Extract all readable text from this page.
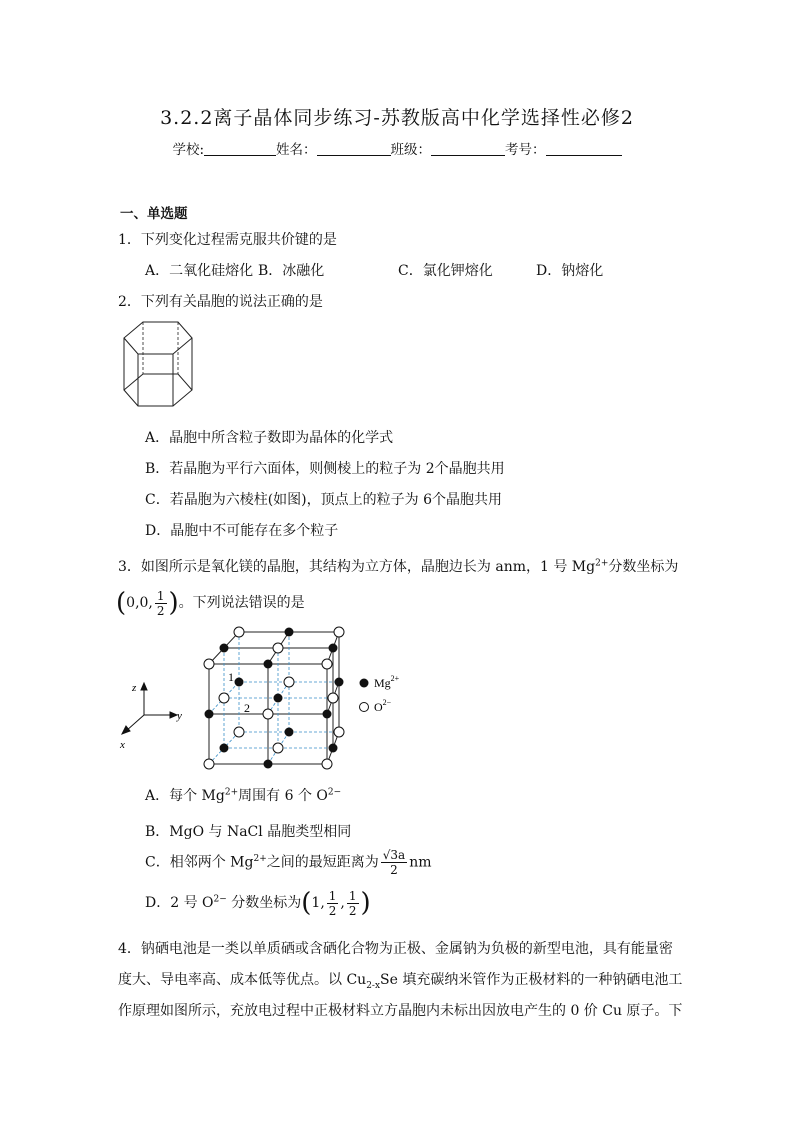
3.2.2离子晶体同步练习-苏教版高中化学选择性必修2
学校:	姓名：	班级：	考号：
一、单选题
1．下列变化过程需克服共价键的是
A．二氧化硅熔化 B．冰融化	C．氯化钾熔化	D．钠熔化
2．下列有关晶胞的说法正确的是
A．晶胞中所含粒子数即为晶体的化学式
B．若晶胞为平行六面体，则侧棱上的粒子为 2个晶胞共用
C．若晶胞为六棱柱(如图)，顶点上的粒子为 6个晶胞共用
D．晶胞中不可能存在多个粒子
3．如图所示是氧化镁的晶胞，其结构为立方体，晶胞边长为 anm，1 号 $Mg^{2+}$分数坐标为
(0,0, $\frac{1}{2}$ )。下列说法错误的是
z
y
x
1
2
$Mg^{2+}$
$O^{2-}$
A．每个 $Mg^{2+}$周围有 6 个 $O^{2-}$
B．MgO 与 NaCl 晶胞类型相同
C．相邻两个 $Mg^{2+}$之间的最短距离为 $\frac{√3a}{2}$ nm
D．2 号 $O^{2-}$ 分数坐标为(1, $\frac{1}{2}$ , $\frac{1}{2}$ )
4．钠硒电池是一类以单质硒或含硒化合物为正极、金属钠为负极的新型电池，具有能量密
度大、导电率高、成本低等优点。以 $Cu_{2-x}Se$ 填充碳纳米管作为正极材料的一种钠硒电池工
作原理如图所示，充放电过程中正极材料立方晶胞内未标出因放电产生的 0 价 Cu 原子。下
